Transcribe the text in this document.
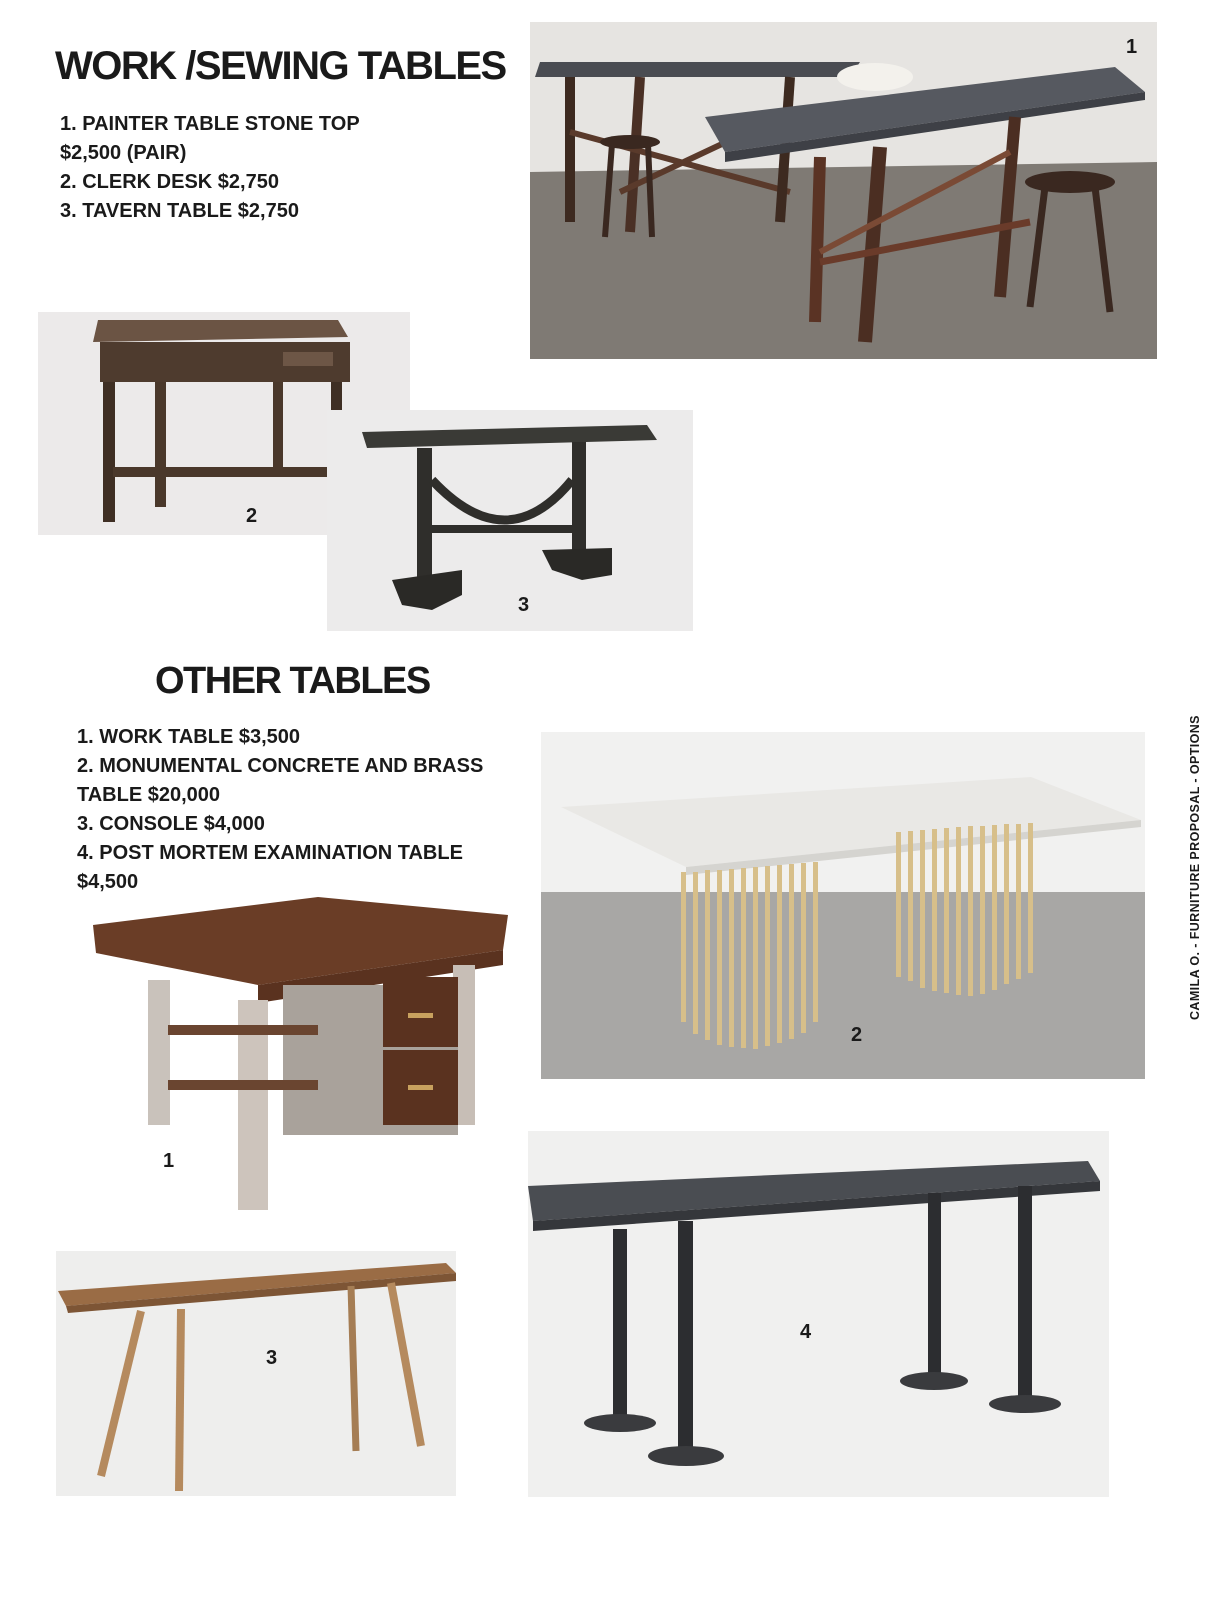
WORK /SEWING TABLES
1. PAINTER TABLE STONE TOP
$2,500 (PAIR)
2. CLERK DESK $2,750
3. TAVERN TABLE $2,750
1
2
3
OTHER TABLES
1. WORK TABLE $3,500
2. MONUMENTAL CONCRETE AND BRASS
TABLE $20,000
3. CONSOLE $4,000
4. POST MORTEM EXAMINATION TABLE
$4,500
2
1
4
3
CAMILA O. - FURNITURE PROPOSAL - OPTIONS
